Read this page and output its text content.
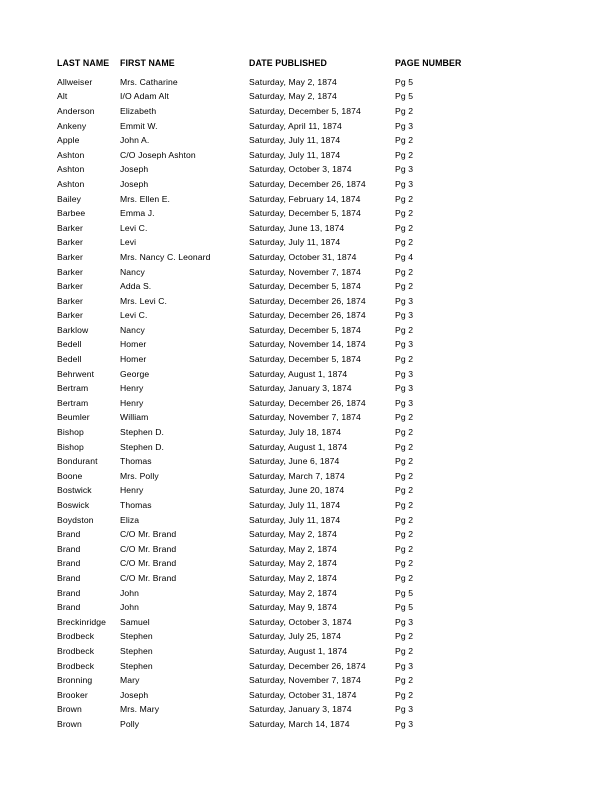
LAST NAME	FIRST NAME	DATE PUBLISHED	PAGE NUMBER
Allweiser	Mrs. Catharine	Saturday, May 2, 1874	Pg 5
Alt	I/O Adam Alt	Saturday, May 2, 1874	Pg 5
Anderson	Elizabeth	Saturday, December 5, 1874	Pg 2
Ankeny	Emmit W.	Saturday, April 11, 1874	Pg 3
Apple	John A.	Saturday, July 11, 1874	Pg 2
Ashton	C/O Joseph Ashton	Saturday, July 11, 1874	Pg 2
Ashton	Joseph	Saturday, October 3, 1874	Pg 3
Ashton	Joseph	Saturday, December 26, 1874	Pg 3
Bailey	Mrs. Ellen E.	Saturday, February 14, 1874	Pg 2
Barbee	Emma J.	Saturday, December 5, 1874	Pg 2
Barker	Levi C.	Saturday, June 13, 1874	Pg 2
Barker	Levi	Saturday, July 11, 1874	Pg 2
Barker	Mrs. Nancy C. Leonard	Saturday, October 31, 1874	Pg 4
Barker	Nancy	Saturday, November 7, 1874	Pg 2
Barker	Adda S.	Saturday, December 5, 1874	Pg 2
Barker	Mrs. Levi C.	Saturday, December 26, 1874	Pg 3
Barker	Levi C.	Saturday, December 26, 1874	Pg 3
Barklow	Nancy	Saturday, December 5, 1874	Pg 2
Bedell	Homer	Saturday, November 14, 1874	Pg 3
Bedell	Homer	Saturday, December 5, 1874	Pg 2
Behrwent	George	Saturday, August 1, 1874	Pg 3
Bertram	Henry	Saturday, January 3, 1874	Pg 3
Bertram	Henry	Saturday, December 26, 1874	Pg 3
Beumler	William	Saturday, November 7, 1874	Pg 2
Bishop	Stephen D.	Saturday, July 18, 1874	Pg 2
Bishop	Stephen D.	Saturday, August 1, 1874	Pg 2
Bondurant	Thomas	Saturday, June 6, 1874	Pg 2
Boone	Mrs. Polly	Saturday, March 7, 1874	Pg 2
Bostwick	Henry	Saturday, June 20, 1874	Pg 2
Boswick	Thomas	Saturday, July 11, 1874	Pg 2
Boydston	Eliza	Saturday, July 11, 1874	Pg 2
Brand	C/O Mr. Brand	Saturday, May 2, 1874	Pg 2
Brand	C/O Mr. Brand	Saturday, May 2, 1874	Pg 2
Brand	C/O Mr. Brand	Saturday, May 2, 1874	Pg 2
Brand	C/O Mr. Brand	Saturday, May 2, 1874	Pg 2
Brand	John	Saturday, May 2, 1874	Pg 5
Brand	John	Saturday, May 9, 1874	Pg 5
Breckinridge	Samuel	Saturday, October 3, 1874	Pg 3
Brodbeck	Stephen	Saturday, July 25, 1874	Pg 2
Brodbeck	Stephen	Saturday, August 1, 1874	Pg 2
Brodbeck	Stephen	Saturday, December 26, 1874	Pg 3
Bronning	Mary	Saturday, November 7, 1874	Pg 2
Brooker	Joseph	Saturday, October 31, 1874	Pg 2
Brown	Mrs. Mary	Saturday, January 3, 1874	Pg 3
Brown	Polly	Saturday, March 14, 1874	Pg 3
